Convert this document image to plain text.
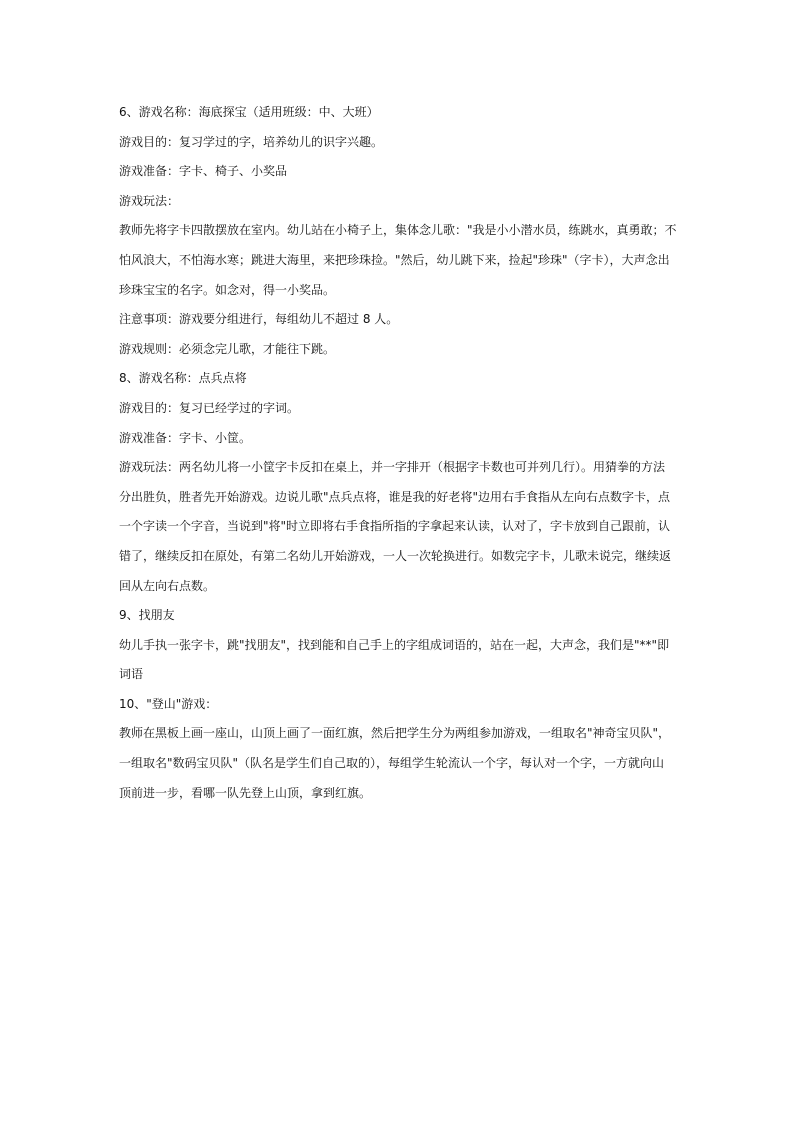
6、游戏名称：海底探宝（适用班级：中、大班）
游戏目的：复习学过的字，培养幼儿的识字兴趣。
游戏准备：字卡、椅子、小奖品
游戏玩法：
教师先将字卡四散摆放在室内。幼儿站在小椅子上，集体念儿歌："我是小小潜水员，练跳水，真勇敢；不
怕风浪大，不怕海水寒；跳进大海里，来把珍珠捡。"然后，幼儿跳下来，捡起"珍珠"（字卡），大声念出
珍珠宝宝的名字。如念对，得一小奖品。
注意事项：游戏要分组进行，每组幼儿不超过 8 人。
游戏规则：必须念完儿歌，才能往下跳。
8、游戏名称：点兵点将
游戏目的：复习已经学过的字词。
游戏准备：字卡、小筐。
游戏玩法：两名幼儿将一小筐字卡反扣在桌上，并一字排开（根据字卡数也可并列几行）。用猜拳的方法
分出胜负，胜者先开始游戏。边说儿歌"点兵点将，谁是我的好老将"边用右手食指从左向右点数字卡，点
一个字读一个字音，当说到"将"时立即将右手食指所指的字拿起来认读，认对了，字卡放到自己跟前，认
错了，继续反扣在原处，有第二名幼儿开始游戏，一人一次轮换进行。如数完字卡，儿歌未说完，继续返
回从左向右点数。
9、找朋友
幼儿手执一张字卡，跳"找朋友"，找到能和自己手上的字组成词语的，站在一起，大声念，我们是"**"即
词语
10、"登山"游戏：
教师在黑板上画一座山，山顶上画了一面红旗，然后把学生分为两组参加游戏，一组取名"神奇宝贝队"，
一组取名"数码宝贝队"（队名是学生们自己取的），每组学生轮流认一个字，每认对一个字，一方就向山
顶前进一步，看哪一队先登上山顶，拿到红旗。
